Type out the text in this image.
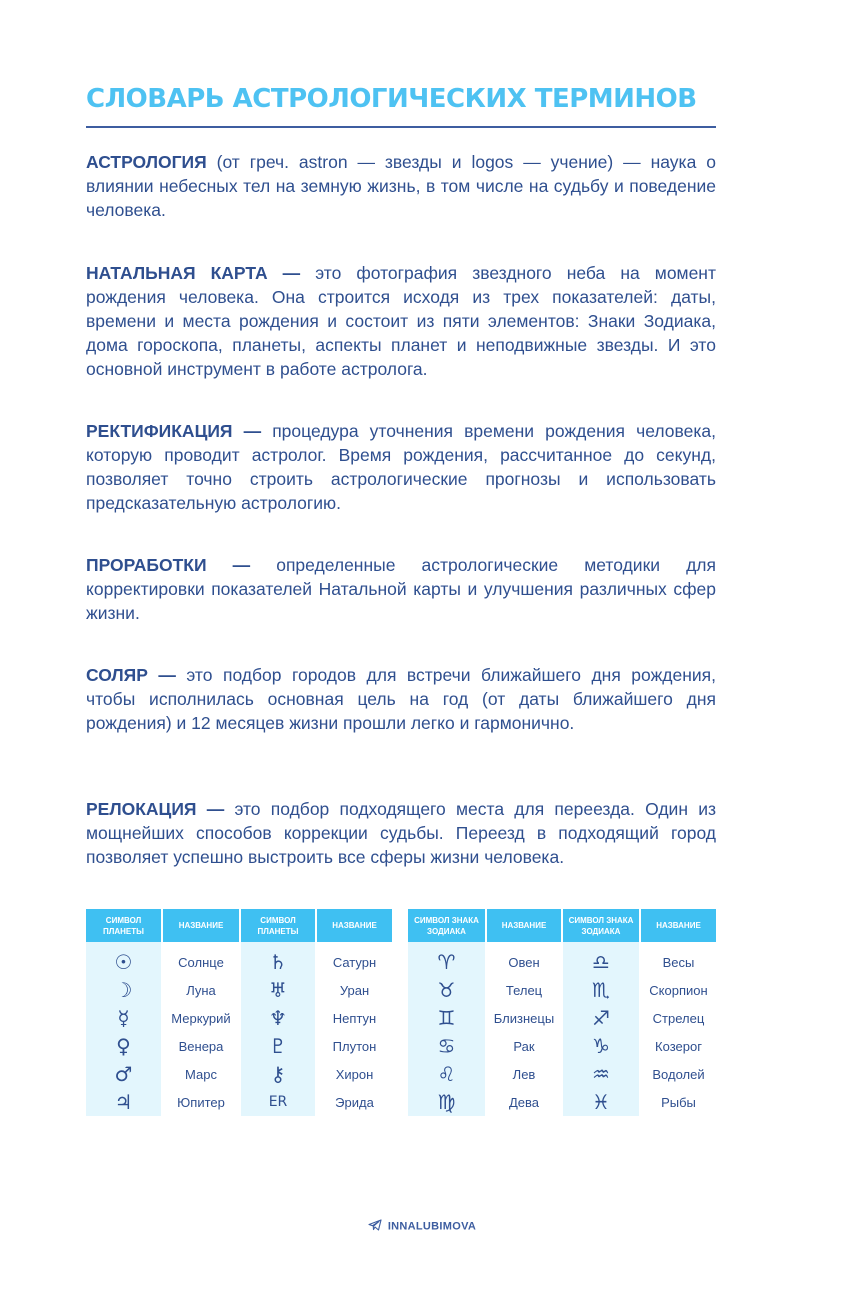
СЛОВАРЬ АСТРОЛОГИЧЕСКИХ ТЕРМИНОВ
АСТРОЛОГИЯ (от греч. astron — звезды и logos — учение) — наука о влиянии небесных тел на земную жизнь, в том числе на судьбу и поведение человека.
НАТАЛЬНАЯ КАРТА — это фотография звездного неба на момент рождения человека. Она строится исходя из трех показателей: даты, времени и места рождения и состоит из пяти элементов: Знаки Зодиака, дома гороскопа, планеты, аспекты планет и неподвижные звезды. И это основной инструмент в работе астролога.
РЕКТИФИКАЦИЯ — процедура уточнения времени рождения человека, которую проводит астролог. Время рождения, рассчитанное до секунд, позволяет точно строить астрологические прогнозы и использовать предсказательную астрологию.
ПРОРАБОТКИ — определенные астрологические методики для корректировки показателей Натальной карты и улучшения различных сфер жизни.
СОЛЯР — это подбор городов для встречи ближайшего дня рождения, чтобы исполнилась основная цель на год (от даты ближайшего дня рождения) и 12 месяцев жизни прошли легко и гармонично.
РЕЛОКАЦИЯ — это подбор подходящего места для переезда. Один из мощнейших способов коррекции судьбы. Переезд в подходящий город позволяет успешно выстроить все сферы жизни человека.
СИМВОЛ ПЛАНЕТЫ	НАЗВАНИЕ	СИМВОЛ ПЛАНЕТЫ	НАЗВАНИЕ
☉	Солнце	♄	Сатурн
☽	Луна	♅	Уран
☿	Меркурий	♆	Нептун
♀	Венера	♇	Плутон
♂	Марс	⚷	Хирон
♃	Юпитер	ER	Эрида
СИМВОЛ ЗНАКА ЗОДИАКА	НАЗВАНИЕ	СИМВОЛ ЗНАКА ЗОДИАКА	НАЗВАНИЕ
♈	Овен	♎	Весы
♉	Телец	♏	Скорпион
♊	Близнецы	♐	Стрелец
♋	Рак	♑	Козерог
♌	Лев	♒	Водолей
♍	Дева	♓	Рыбы
INNALUBIMOVA
